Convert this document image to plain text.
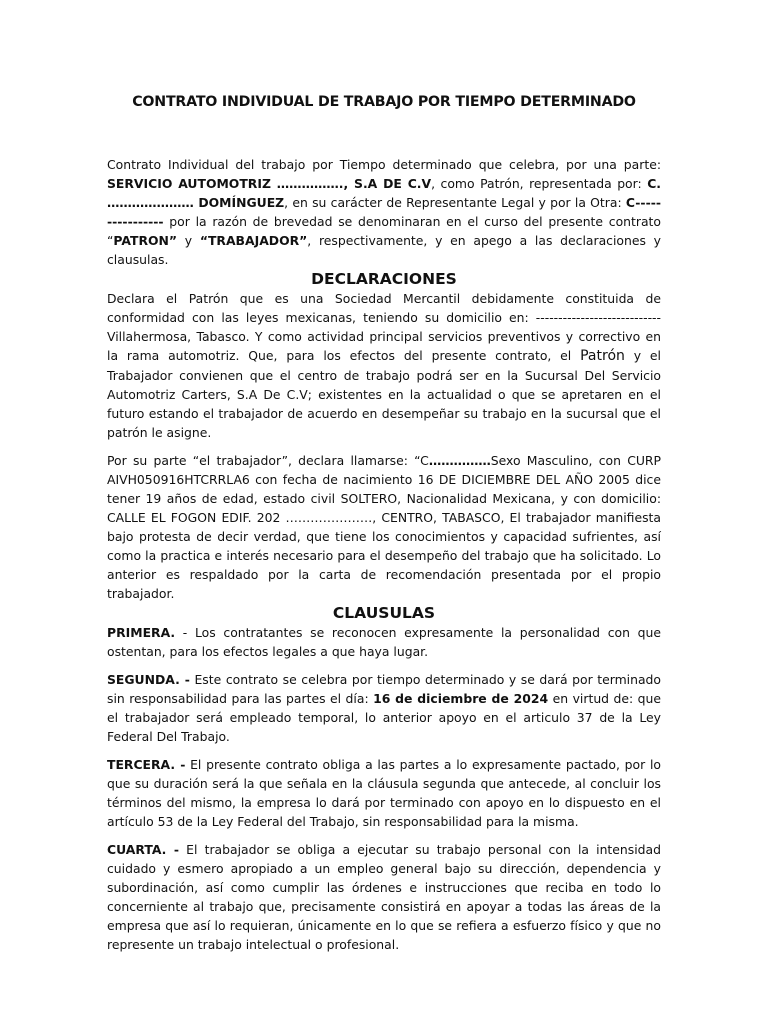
CONTRATO INDIVIDUAL DE TRABAJO POR TIEMPO DETERMINADO

Contrato Individual del trabajo por Tiempo determinado que celebra, por una parte: SERVICIO AUTOMOTRIZ ……………., S.A DE C.V, como Patrón, representada por: C. ………………… DOMÍNGUEZ, en su carácter de Representante Legal y por la Otra: C---------------- por la razón de brevedad se denominaran en el curso del presente contrato “PATRON” y “TRABAJADOR”, respectivamente, y en apego a las declaraciones y clausulas.

DECLARACIONES

Declara el Patrón que es una Sociedad Mercantil debidamente constituida de conformidad con las leyes mexicanas, teniendo su domicilio en: ---------------------------- Villahermosa, Tabasco. Y como actividad principal servicios preventivos y correctivo en la rama automotriz. Que, para los efectos del presente contrato, el Patrón y el Trabajador convienen que el centro de trabajo podrá ser en la Sucursal Del Servicio Automotriz Carters, S.A De C.V; existentes en la actualidad o que se apretaren en el futuro estando el trabajador de acuerdo en desempeñar su trabajo en la sucursal que el patrón le asigne.

Por su parte “el trabajador”, declara llamarse: “C……………Sexo Masculino, con CURP AIVH050916HTCRRLA6 con fecha de nacimiento 16 DE DICIEMBRE DEL AÑO 2005 dice tener 19 años de edad, estado civil SOLTERO, Nacionalidad Mexicana, y con domicilio: CALLE EL FOGON EDIF. 202 …………………, CENTRO, TABASCO, El trabajador manifiesta bajo protesta de decir verdad, que tiene los conocimientos y capacidad sufrientes, así como la practica e interés necesario para el desempeño del trabajo que ha solicitado. Lo anterior es respaldado por la carta de recomendación presentada por el propio trabajador.

CLAUSULAS

PRIMERA. - Los contratantes se reconocen expresamente la personalidad con que ostentan, para los efectos legales a que haya lugar.

SEGUNDA. - Este contrato se celebra por tiempo determinado y se dará por terminado sin responsabilidad para las partes el día: 16 de diciembre de 2024 en virtud de: que el trabajador será empleado temporal, lo anterior apoyo en el articulo 37 de la Ley Federal Del Trabajo.

TERCERA. - El presente contrato obliga a las partes a lo expresamente pactado, por lo que su duración será la que señala en la cláusula segunda que antecede, al concluir los términos del mismo, la empresa lo dará por terminado con apoyo en lo dispuesto en el artículo 53 de la Ley Federal del Trabajo, sin responsabilidad para la misma.

CUARTA. - El trabajador se obliga a ejecutar su trabajo personal con la intensidad cuidado y esmero apropiado a un empleo general bajo su dirección, dependencia y subordinación, así como cumplir las órdenes e instrucciones que reciba en todo lo concerniente al trabajo que, precisamente consistirá en apoyar a todas las áreas de la empresa que así lo requieran, únicamente en lo que se refiera a esfuerzo físico y que no represente un trabajo intelectual o profesional.
